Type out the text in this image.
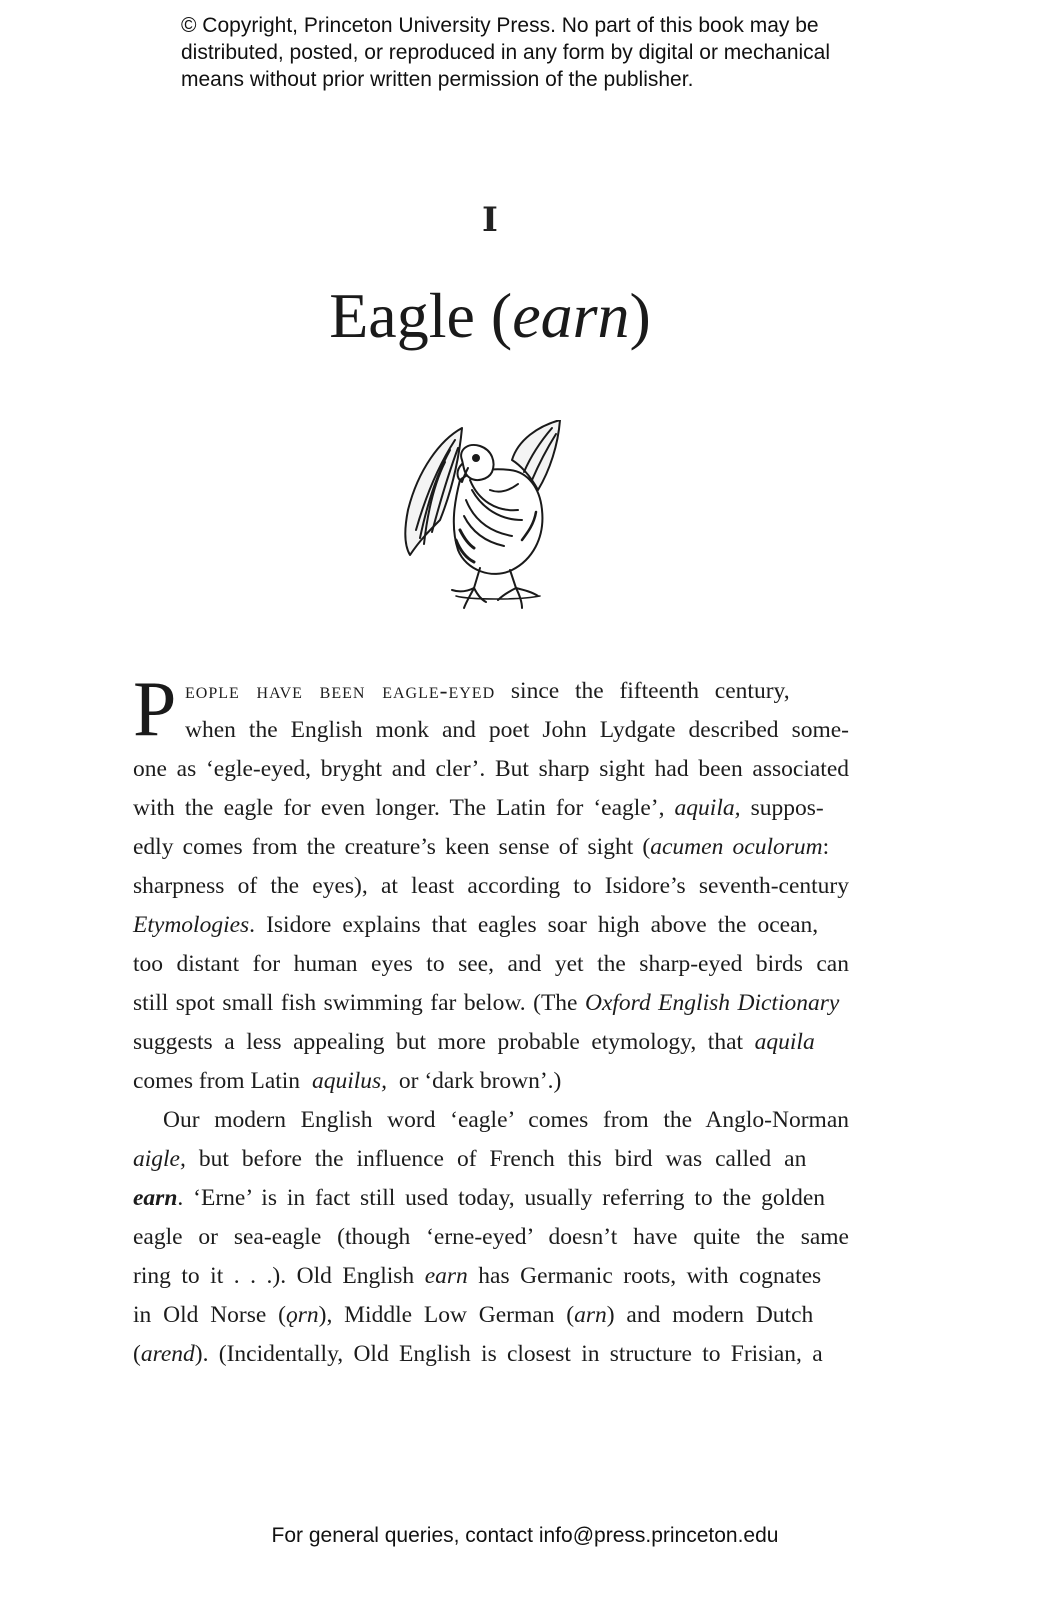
© Copyright, Princeton University Press. No part of this book may be
distributed, posted, or reproduced in any form by digital or mechanical
means without prior written permission of the publisher.
I
Eagle (earn)
P eople have been eagle-eyed since the fifteenth century,
when the English monk and poet John Lydgate described some-
one as ‘egle-eyed, bryght and cler’. But sharp sight had been associated
with the eagle for even longer. The Latin for ‘eagle’, aquila, suppos-
edly comes from the creature’s keen sense of sight (acumen oculorum:
sharpness of the eyes), at least according to Isidore’s seventh-century
Etymologies. Isidore explains that eagles soar high above the ocean,
too distant for human eyes to see, and yet the sharp-eyed birds can
still spot small fish swimming far below. (The Oxford English Dictionary
suggests a less appealing but more probable etymology, that aquila
comes from Latin aquilus, or ‘dark brown’.)
Our modern English word ‘eagle’ comes from the Anglo-Norman
aigle, but before the influence of French this bird was called an
earn. ‘Erne’ is in fact still used today, usually referring to the golden
eagle or sea-eagle (though ‘erne-eyed’ doesn’t have quite the same
ring to it . . .). Old English earn has Germanic roots, with cognates
in Old Norse (ǫrn), Middle Low German (arn) and modern Dutch
(arend). (Incidentally, Old English is closest in structure to Frisian, a
For general queries, contact info@press.princeton.edu
